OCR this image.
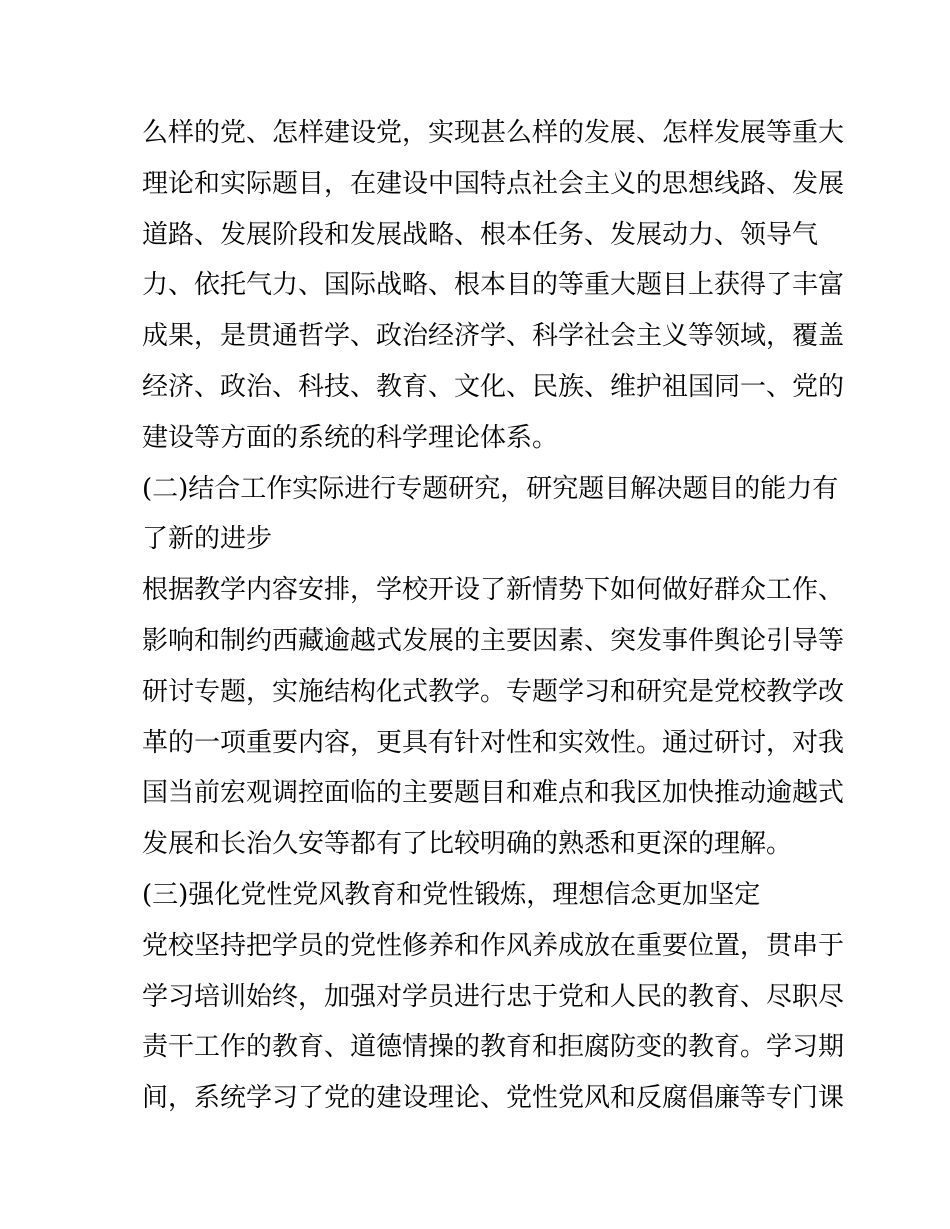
么样的党、怎样建设党，实现甚么样的发展、怎样发展等重大
理论和实际题目，在建设中国特点社会主义的思想线路、发展
道路、发展阶段和发展战略、根本任务、发展动力、领导气
力、依托气力、国际战略、根本目的等重大题目上获得了丰富
成果，是贯通哲学、政治经济学、科学社会主义等领域，覆盖
经济、政治、科技、教育、文化、民族、维护祖国同一、党的
建设等方面的系统的科学理论体系。
(二)结合工作实际进行专题研究，研究题目解决题目的能力有
了新的进步
根据教学内容安排，学校开设了新情势下如何做好群众工作、
影响和制约西藏逾越式发展的主要因素、突发事件舆论引导等
研讨专题，实施结构化式教学。专题学习和研究是党校教学改
革的一项重要内容，更具有针对性和实效性。通过研讨，对我
国当前宏观调控面临的主要题目和难点和我区加快推动逾越式
发展和长治久安等都有了比较明确的熟悉和更深的理解。
(三)强化党性党风教育和党性锻炼，理想信念更加坚定
党校坚持把学员的党性修养和作风养成放在重要位置，贯串于
学习培训始终，加强对学员进行忠于党和人民的教育、尽职尽
责干工作的教育、道德情操的教育和拒腐防变的教育。学习期
间，系统学习了党的建设理论、党性党风和反腐倡廉等专门课
